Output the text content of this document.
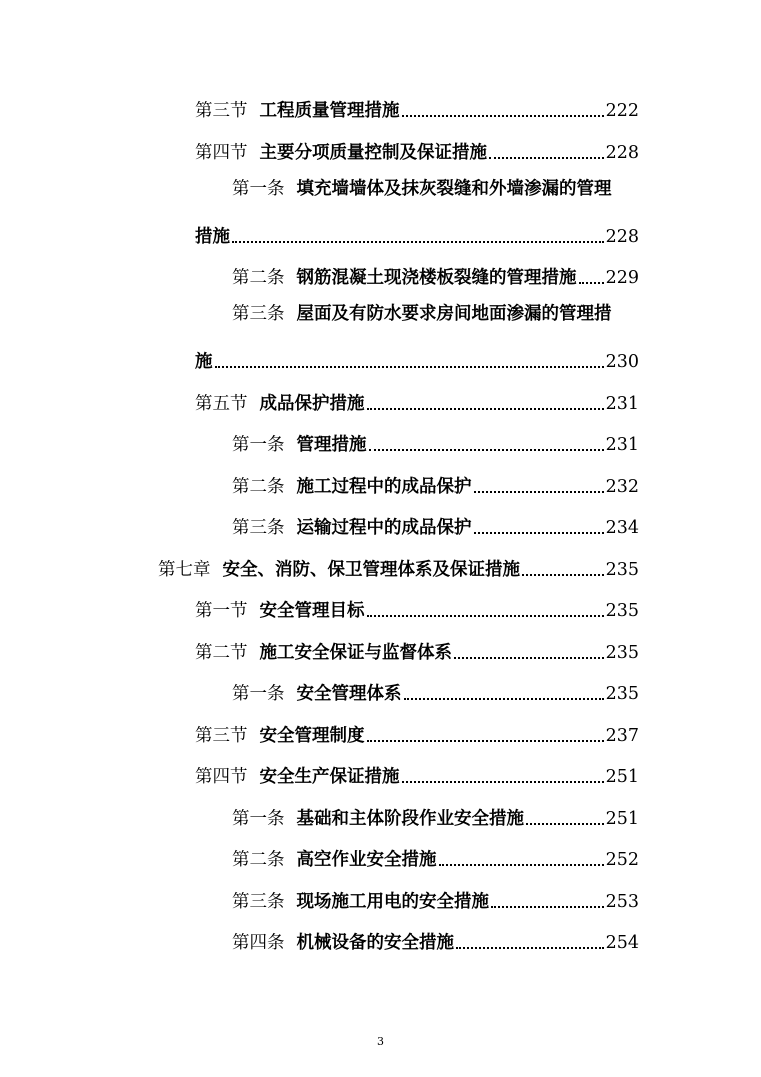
第三节 工程质量管理措施	222
第四节 主要分项质量控制及保证措施	228
第一条 填充墙墙体及抹灰裂缝和外墙渗漏的管理
措施	228
第二条 钢筋混凝土现浇楼板裂缝的管理措施 229
第三条 屋面及有防水要求房间地面渗漏的管理措
施	230
第五节 成品保护措施	231
第一条 管理措施	231
第二条 施工过程中的成品保护	232
第三条 运输过程中的成品保护	234
第七章 安全、消防、保卫管理体系及保证措施	235
第一节 安全管理目标	235
第二节 施工安全保证与监督体系	235
第一条 安全管理体系	235
第三节 安全管理制度	237
第四节 安全生产保证措施	251
第一条 基础和主体阶段作业安全措施	251
第二条 高空作业安全措施	252
第三条 现场施工用电的安全措施	253
第四条 机械设备的安全措施	254
3
